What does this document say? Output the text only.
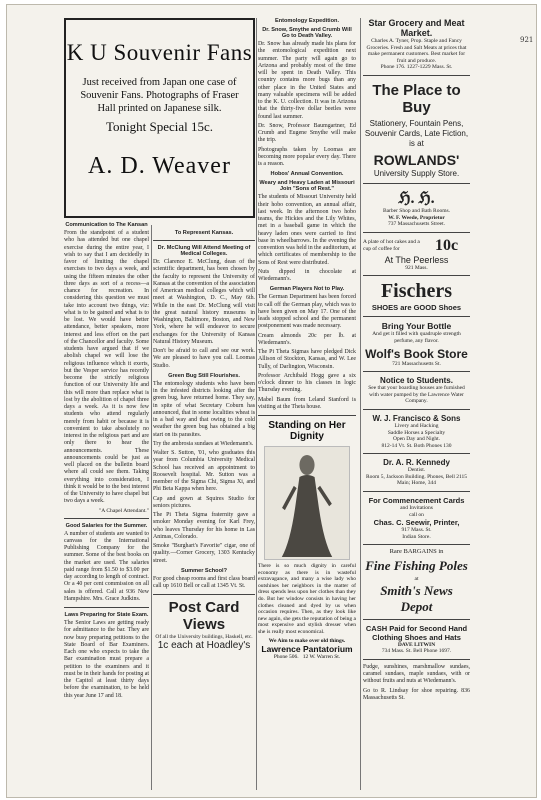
921
K U Souvenir Fans
Just received from Japan one case of Souvenir Fans. Photographs of Fraser Hall printed on Japanese silk.
Tonight Special 15c.
A. D. Weaver
Communication to The Kansan
From the standpoint of a student who has attended but one chapel exercise during the entire year, I wish to say that I am decidedly in favor of limiting the chapel exercises to two days a week, and using the fifteen minutes the other three days as sort of a recess—a chance for recreation. In considering this question we must take into account two things, viz: what is to be gained and what is to be lost. We would have better attendance, better speakers, more interest and less effort on the part of the Chancellor and faculty. Some students have argued that if we abolish chapel we will lose the religious influence which it exerts, but the Vesper service has recently become the strictly religious function of our University life and this will more than replace what is lost by the abolition of chapel three days a week. As it is now few students who attend regularly merely from habit or because it is convenient to take absolutely no interest in the religious part and are only there to hear the announcements. These announcements could be just as well placed on the bulletin board where all could see them. Taking everything into consideration, I think it would be to the best interest of the University to have chapel but two days a week.
"A Chapel Attendant."
Good Salaries for the Summer.
A number of students are wanted to canvass for the International Publishing Company for the summer. Some of the best books on the market are used. The salaries paid range from $1.50 to $3.00 per day according to length of contract. Or a 40 per cent commission on all sales is offered. Call at 936 New Hampshire. Mrs. Grace Judkins.
Laws Preparing for State Exam.
The Senior Laws are getting ready for admittance to the bar. They are now busy preparing petitions to the State Board of Bar Examiners. Each one who expects to take the Bar examination must prepare a petition to the examiners and it must be in their hands for posting at the Capitol at least thirty days before the examination, to be held this year June 17 and 18.
To Represent Kansas.
Dr. McClung Will Attend Meeting of Medical Colleges.
Dr. Clarence E. McClung, dean of the scientific department, has been chosen by the faculty to represent the University of Kansas at the convention of the association of American medical colleges which will meet at Washington, D. C., May 6th. While in the east Dr. McClung will visit the great natural history museums in Washington, Baltimore, Boston, and New York, where he will endeavor to secure exchanges for the University of Kansas Natural History Museum.
Don't be afraid to call and see our work. We are pleased to have you call. Loomas Studio.
Green Bug Still Flourishes.
The entomology students who have been in the infested districts looking after the green bug, have returned home. They say, in spite of what Secretary Coburn has announced, that in some localities wheat is in a bad way and that owing to the cold weather the green bug has obtained a big start on its parasites.
Try the ambrosia sundaes at Wiedemann's.
Walter S. Sutton, '01, who graduates this year from Columbia University Medical School has received an appointment to Roosevelt hospital. Mr. Sutton was a member of the Sigma Chi, Sigma Xi, and Phi Beta Kappa when here.
Cap and gown at Squires Studio for seniors pictures.
The Pi Theta Sigma fraternity gave a smoker Monday evening for Karl Frey, who leaves Thursday for his home in Las Animas, Colorado.
Smoke "Burghart's Favorite" cigar, one of quality.—Corner Grocery, 1303 Kentucky street.
Summer School?
For good cheap rooms and first class board call up 1610 Bell or call at 1345 Vt. St.
Post Card Views
Of all the University buildings, Haskell, etc.
1c each at Hoadley's
Entomology Expedition.
Dr. Snow, Smythe and Crumb Will Go to Death Valley.
Dr. Snow has already made his plans for the entomological expedition next summer. The party will again go to Arizona and probably most of the time will be spent in Death Valley. This country contains more bugs than any other place in the United States and many valuable specimens will be added to the K. U. collection. It was in Arizona that the thirty-five dollar beetles were found last summer.
Dr. Snow, Professor Baumgartner, Ed Crumb and Eugene Smythe will make the trip.
Photographs taken by Loomas are becoming more popular every day. There is a reason.
Hobos' Annual Convention.
Weary and Heavy Laden at Missouri Join "Sons of Rest."
The students of Missouri University held their hobo convention, an annual affair, last week. In the afternoon two hobo teams, the Hickies and the Lily Whites, met in a baseball game in which the heavy laden ones were carried to first base in wheelbarrows. In the evening the convention was held in the auditorium, at which certificates of membership to the Sons of Rest were distributed.
Nuts dipped in chocolate at Wiedemann's.
German Players Not to Play.
The German Department has been forced to call off the German play, which was to have been given on May 17. One of the leads stopped school and the permanent postponement was made necessary.
Cream almonds 20c per lb. at Wiedemann's.
The Pi Theta Sigmas have pledged Dick Allison of Stockton, Kansas, and W. Lee Tully, of Darlington, Wisconsin.
Professor Archibald Hogg gave a six o'clock dinner to his classes in logic Thursday evening.
Mabel Baum from Leland Stanford is visiting at the Theta house.
Standing on Her Dignity
There is so much dignity in careful economy as there is in wasteful extravagance, and many a wise lady who outshines her neighbors in the matter of dress spends less upon her clothes than they do. But her window consists in having her clothes cleaned and dyed by us when occasion requires. Then, as they look like new again, she gets the reputation of being a most expensive and stylish dresser when she is really most economical.
We Aim to make over old things.
Lawrence Pantatorium
Phone 506. 12 W. Warren St.
Star Grocery and Meat Market.
Charles A. Tyner, Prop. Staple and Fancy Groceries. Fresh and Salt Meats at prices that make permanent customers. Best market for fruit and produce.
Phone 176. 1227-1229 Mass. St.
The Place to Buy
Stationery, Fountain Pens, Souvenir Cards, Late Fiction, is at
ROWLANDS'
University Supply Store.
ℌ. ℌ.
Barber Shop and Bath Rooms.
W. F. Weede, Proprietor
737 Massachusetts Street.
A plate of hot cakes and a cup of coffee for	10c
At The Peerless
921 Mass.
Fischers
SHOES are GOOD Shoes
Bring Your Bottle
And get it filled with quadruple strength perfume, any flavor.
Wolf's Book Store
721 Massachusetts St.
Notice to Students.
See that your boarding houses are furnished with water pumped by the Lawrence Water Company.
W. J. Francisco & Sons
Livery and Hacking
Saddle Horses a Specialty
Open Day and Night.
812-14 Vt. St. Both Phones 130
Dr. A. R. Kennedy
Dentist.
Room 5, Jackson Building. Phones, Bell 2115 Main; Home, 344
For Commencement Cards
and Invitations
call on
Chas. C. Seewir, Printer,
917 Mass. St.
Indian Store.
Rare BARGAINS in
Fine Fishing Poles
at
Smith's News Depot
CASH Paid for Second Hand Clothing Shoes and Hats
DAVE LITWIN
734 Mass. St. Bell Phone 1697.
Fudge, sunshines, marshmallow sundaes, caramel sundaes, maple sundaes, with or without fruits and nuts at Wiedemann's.
Go to R. Lindsay for shoe repairing. 836 Massachusetts St.
